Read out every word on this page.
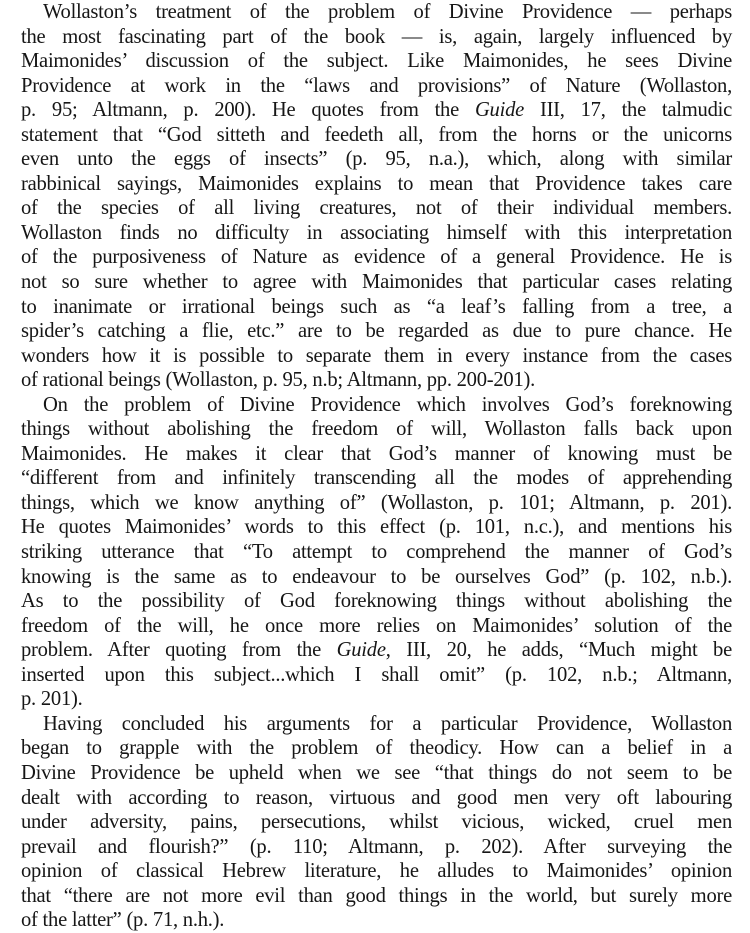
Wollaston’s treatment of the problem of Divine Providence — perhaps
the most fascinating part of the book — is, again, largely influenced by
Maimonides’ discussion of the subject. Like Maimonides, he sees Divine
Providence at work in the “laws and provisions” of Nature (Wollaston,
p. 95; Altmann, p. 200). He quotes from the Guide III, 17, the talmudic
statement that “God sitteth and feedeth all, from the horns or the unicorns
even unto the eggs of insects” (p. 95, n.a.), which, along with similar
rabbinical sayings, Maimonides explains to mean that Providence takes care
of the species of all living creatures, not of their individual members.
Wollaston finds no difficulty in associating himself with this interpretation
of the purposiveness of Nature as evidence of a general Providence. He is
not so sure whether to agree with Maimonides that particular cases relating
to inanimate or irrational beings such as “a leaf’s falling from a tree, a
spider’s catching a flie, etc.” are to be regarded as due to pure chance. He
wonders how it is possible to separate them in every instance from the cases
of rational beings (Wollaston, p. 95, n.b; Altmann, pp. 200-201).
On the problem of Divine Providence which involves God’s foreknowing
things without abolishing the freedom of will, Wollaston falls back upon
Maimonides. He makes it clear that God’s manner of knowing must be
“different from and infinitely transcending all the modes of apprehending
things, which we know anything of” (Wollaston, p. 101; Altmann, p. 201).
He quotes Maimonides’ words to this effect (p. 101, n.c.), and mentions his
striking utterance that “To attempt to comprehend the manner of God’s
knowing is the same as to endeavour to be ourselves God” (p. 102, n.b.).
As to the possibility of God foreknowing things without abolishing the
freedom of the will, he once more relies on Maimonides’ solution of the
problem. After quoting from the Guide, III, 20, he adds, “Much might be
inserted upon this subject...which I shall omit” (p. 102, n.b.; Altmann,
p. 201).
Having concluded his arguments for a particular Providence, Wollaston
began to grapple with the problem of theodicy. How can a belief in a
Divine Providence be upheld when we see “that things do not seem to be
dealt with according to reason, virtuous and good men very oft labouring
under adversity, pains, persecutions, whilst vicious, wicked, cruel men
prevail and flourish?” (p. 110; Altmann, p. 202). After surveying the
opinion of classical Hebrew literature, he alludes to Maimonides’ opinion
that “there are not more evil than good things in the world, but surely more
of the latter” (p. 71, n.h.).
